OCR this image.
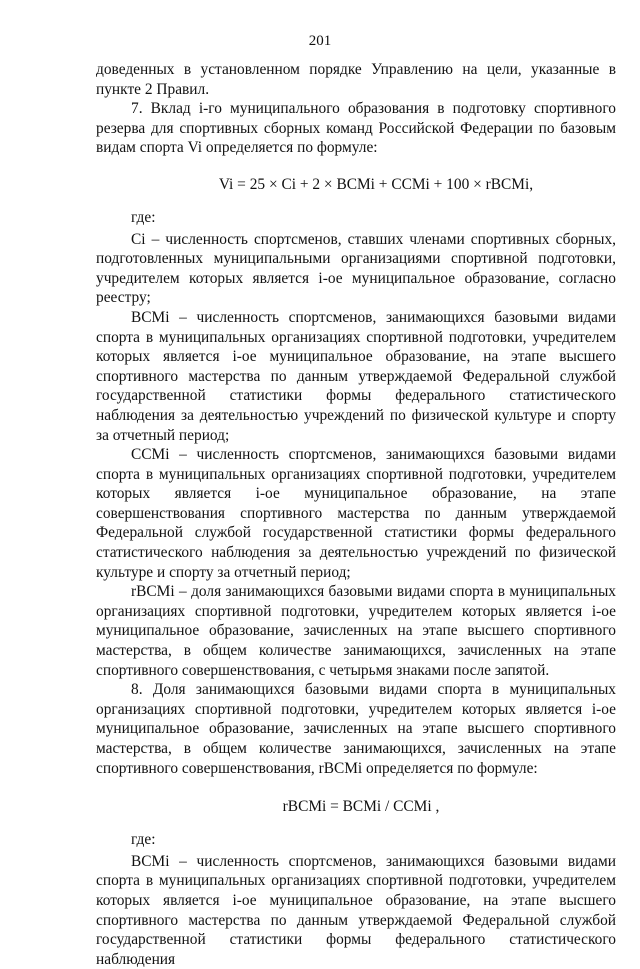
201

доведенных в установленном порядке Управлению на цели, указанные в пункте 2 Правил.

7. Вклад i-го муниципального образования в подготовку спортивного резерва для спортивных сборных команд Российской Федерации по базовым видам спорта Vi определяется по формуле:

Vi = 25 × Ci + 2 × BCMi + CCMi + 100 × rBCMi,

где:

Ci – численность спортсменов, ставших членами спортивных сборных, подготовленных муниципальными организациями спортивной подготовки, учредителем которых является i-ое муниципальное образование, согласно реестру;

BCMi – численность спортсменов, занимающихся базовыми видами спорта в муниципальных организациях спортивной подготовки, учредителем которых является i-ое муниципальное образование, на этапе высшего спортивного мастерства по данным утверждаемой Федеральной службой государственной статистики формы федерального статистического наблюдения за деятельностью учреждений по физической культуре и спорту за отчетный период;

CCMi – численность спортсменов, занимающихся базовыми видами спорта в муниципальных организациях спортивной подготовки, учредителем которых является i-ое муниципальное образование, на этапе совершенствования спортивного мастерства по данным утверждаемой Федеральной службой государственной статистики формы федерального статистического наблюдения за деятельностью учреждений по физической культуре и спорту за отчетный период;

rBCMi – доля занимающихся базовыми видами спорта в муниципальных организациях спортивной подготовки, учредителем которых является i-ое муниципальное образование, зачисленных на этапе высшего спортивного мастерства, в общем количестве занимающихся, зачисленных на этапе спортивного совершенствования, с четырьмя знаками после запятой.

8. Доля занимающихся базовыми видами спорта в муниципальных организациях спортивной подготовки, учредителем которых является i-ое муниципальное образование, зачисленных на этапе высшего спортивного мастерства, в общем количестве занимающихся, зачисленных на этапе спортивного совершенствования, rBCMi определяется по формуле:

rBCMi = BCMi / CCMi ,

где:

BCMi – численность спортсменов, занимающихся базовыми видами спорта в муниципальных организациях спортивной подготовки, учредителем которых является i-ое муниципальное образование, на этапе высшего спортивного мастерства по данным утверждаемой Федеральной службой государственной статистики формы федерального статистического наблюдения
